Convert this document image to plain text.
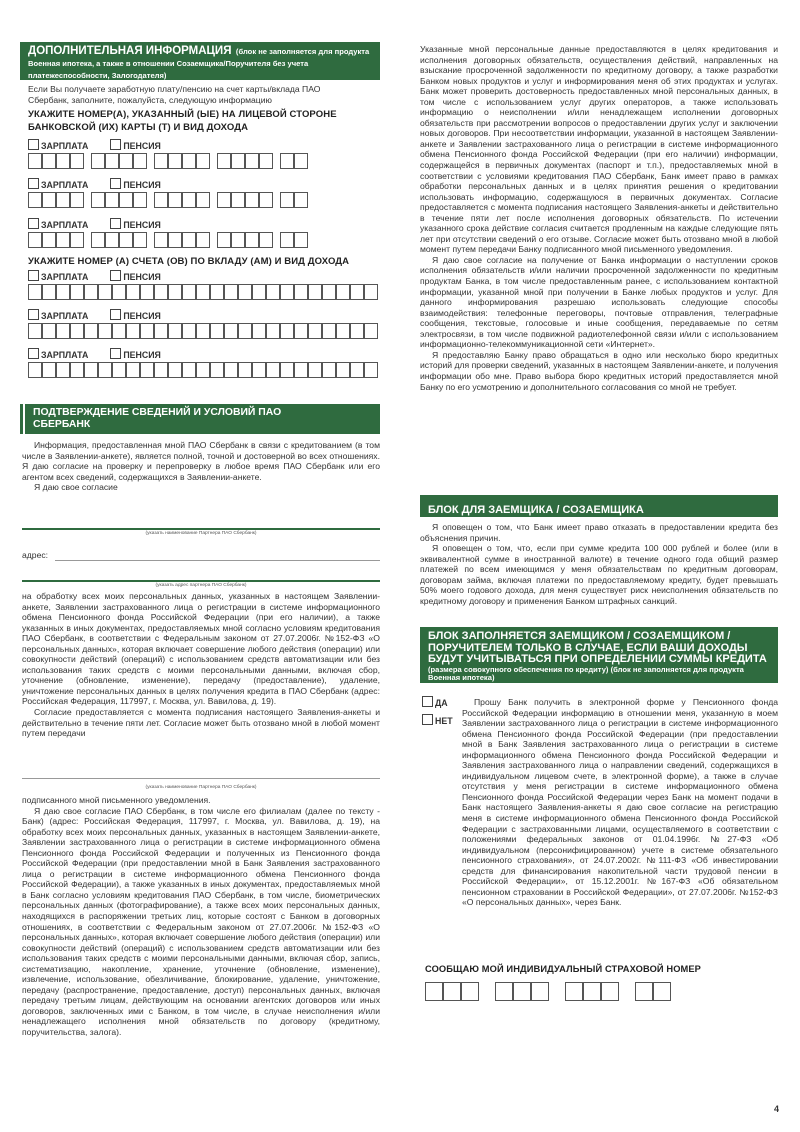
ДОПОЛНИТЕЛЬНАЯ ИНФОРМАЦИЯ (блок не заполняется для продукта Военная ипотека, а также в отношении Созаемщика/Поручителя без учета платежеспособности, Залогодателя)
Если Вы получаете заработную плату/пенсию на счет карты/вклада ПАО Сбербанк, заполните, пожалуйста, следующую информацию
УКАЖИТЕ НОМЕР(А), УКАЗАННЫЙ (ЫЕ) НА ЛИЦЕВОЙ СТОРОНЕ БАНКОВСКОЙ (ИХ) КАРТЫ (Т) И ВИД ДОХОДА
ЗАРПЛАТА	ПЕНСИЯ
ЗАРПЛАТА	ПЕНСИЯ
ЗАРПЛАТА	ПЕНСИЯ
УКАЖИТЕ НОМЕР (А) СЧЕТА (ОВ) ПО ВКЛАДУ (АМ) И ВИД ДОХОДА
ЗАРПЛАТА	ПЕНСИЯ
ЗАРПЛАТА	ПЕНСИЯ
ЗАРПЛАТА	ПЕНСИЯ
ПОДТВЕРЖДЕНИЕ СВЕДЕНИЙ И УСЛОВИЙ ПАО СБЕРБАНК

Информация, предоставленная мной ПАО Сбербанк в связи с кредитованием (в том числе в Заявлении-анкете), является полной, точной и достоверной во всех отношениях. Я даю согласие на проверку и перепроверку в любое время ПАО Сбербанк или его агентом всех сведений, содержащихся в Заявлении-анкете.

Я даю свое согласие

(указать наименование Партнера ПАО Сбербанк)
адрес:
(указать адрес партнера ПАО Сбербанк)

на обработку всех моих персональных данных, указанных в настоящем Заявлении-анкете, Заявлении застрахованного лица о регистрации в системе информационного обмена Пенсионного фонда Российской Федерации (при его наличии), а также указанных в иных документах, предоставляемых мной согласно условиям кредитования ПАО Сбербанк, в соответствии с Федеральным законом от 27.07.2006г. №152-ФЗ «О персональных данных», которая включает совершение любого действия (операции) или совокупности действий (операций) с использованием средств автоматизации или без использования таких средств с моими персональными данными, включая сбор, уточнение (обновление, изменение), передачу (предоставление), удаление, уничтожение персональных данных в целях получения кредита в ПАО Сбербанк (адрес: Российская Федерация, 117997, г. Москва, ул. Вавилова, д. 19).

Согласие предоставляется с момента подписания настоящего Заявления-анкеты и действительно в течение пяти лет. Согласие может быть отозвано мной в любой момент путем передачи

(указать наименование Партнера ПАО Сбербанк)

подписанного мной письменного уведомления.

Я даю свое согласие ПАО Сбербанк, в том числе его филиалам (далее по тексту - Банк) (адрес: Российская Федерация, 117997, г. Москва, ул. Вавилова, д. 19), на обработку всех моих персональных данных, указанных в настоящем Заявлении-анкете, Заявлении застрахованного лица о регистрации в системе информационного обмена Пенсионного фонда Российской Федерации и полученных из Пенсионного фонда Российской Федерации (при предоставлении мной в Банк Заявления застрахованного лица о регистрации в системе информационного обмена Пенсионного фонда Российской Федерации), а также указанных в иных документах, предоставляемых мной в Банк согласно условиям кредитования ПАО Сбербанк, в том числе, биометрических персональных данных (фотографирование), а также всех моих персональных данных, находящихся в распоряжении третьих лиц, которые состоят с Банком в договорных отношениях, в соответствии с Федеральным законом от 27.07.2006г. №152-ФЗ «О персональных данных», которая включает совершение любого действия (операции) или совокупности действий (операций) с использованием средств автоматизации или без использования таких средств с моими персональными данными, включая сбор, запись, систематизацию, накопление, хранение, уточнение (обновление, изменение), извлечение, использование, обезличивание, блокирование, удаление, уничтожение, передачу (распространение, предоставление, доступ) персональных данных, включая передачу третьим лицам, действующим на основании агентских договоров или иных договоров, заключенных ими с Банком, в том числе, в случае неисполнения и/или ненадлежащего исполнения мной обязательств по договору (кредитному, поручительства, залога).

Указанные мной персональные данные предоставляются в целях кредитования и исполнения договорных обязательств, осуществления действий, направленных на взыскание просроченной задолженности по кредитному договору, а также разработки Банком новых продуктов и услуг и информирования меня об этих продуктах и услугах. Банк может проверить достоверность предоставленных мной персональных данных, в том числе с использованием услуг других операторов, а также использовать информацию о неисполнении и/или ненадлежащем исполнении договорных обязательств при рассмотрении вопросов о предоставлении других услуг и заключении новых договоров. При несоответствии информации, указанной в настоящем Заявлении-анкете и Заявлении застрахованного лица о регистрации в системе информационного обмена Пенсионного фонда Российской Федерации (при его наличии) информации, содержащейся в первичных документах (паспорт и т.п.), предоставляемых мной в соответствии с условиями кредитования ПАО Сбербанк, Банк имеет право в рамках обработки персональных данных и в целях принятия решения о кредитовании использовать информацию, содержащуюся в первичных документах. Согласие предоставляется с момента подписания настоящего Заявления-анкеты и действительно в течение пяти лет после исполнения договорных обязательств. По истечении указанного срока действие согласия считается продленным на каждые следующие пять лет при отсутствии сведений о его отзыве. Согласие может быть отозвано мной в любой момент путем передачи Банку подписанного мной письменного уведомления.

Я даю свое согласие на получение от Банка информации о наступлении сроков исполнения обязательств и/или наличии просроченной задолженности по кредитным продуктам Банка, в том числе предоставленным ранее, с использованием контактной информации, указанной мной при получении в Банке любых продуктов и услуг. Для данного информирования разрешаю использовать следующие способы взаимодействия: телефонные переговоры, почтовые отправления, телеграфные сообщения, текстовые, голосовые и иные сообщения, передаваемые по сетям электросвязи, в том числе подвижной радиотелефонной связи и/или с использованием информационно-телекоммуникационной сети «Интернет».

Я предоставляю Банку право обращаться в одно или несколько бюро кредитных историй для проверки сведений, указанных в настоящем Заявлении-анкете, и получения информации обо мне. Право выбора бюро кредитных историй предоставляется мной Банку по его усмотрению и дополнительного согласования со мной не требует.

БЛОК ДЛЯ ЗАЕМЩИКА / СОЗАЕМЩИКА

Я оповещен о том, что Банк имеет право отказать в предоставлении кредита без объяснения причин.

Я оповещен о том, что, если при сумме кредита 100 000 рублей и более (или в эквивалентной сумме в иностранной валюте) в течение одного года общий размер платежей по всем имеющимся у меня обязательствам по кредитным договорам, договорам займа, включая платежи по предоставляемому кредиту, будет превышать 50% моего годового дохода, для меня существует риск неисполнения обязательств по кредитному договору и применения Банком штрафных санкций.

БЛОК ЗАПОЛНЯЕТСЯ ЗАЕМЩИКОМ / СОЗАЕМЩИКОМ / ПОРУЧИТЕЛЕМ ТОЛЬКО В СЛУЧАЕ, ЕСЛИ ВАШИ ДОХОДЫ БУДУТ УЧИТЫВАТЬСЯ ПРИ ОПРЕДЕЛЕНИИ СУММЫ КРЕДИТА
(размера совокупного обеспечения по кредиту) (блок не заполняется для продукта Военная ипотека)
ДА
НЕТ

Прошу Банк получить в электронной форме у Пенсионного фонда Российской Федерации информацию в отношении меня, указанную в моем Заявлении застрахованного лица о регистрации в системе информационного обмена Пенсионного фонда Российской Федерации (при предоставлении мной в Банк Заявления застрахованного лица о регистрации в системе информационного обмена Пенсионного фонда Российской Федерации и Заявления застрахованного лица о направлении сведений, содержащихся в индивидуальном лицевом счете, в электронной форме), а также в случае отсутствия у меня регистрации в системе информационного обмена Пенсионного фонда Российской Федерации через Банк на момент подачи в Банк настоящего Заявления-анкеты я даю свое согласие на регистрацию меня в системе информационного обмена Пенсионного фонда Российской Федерации с застрахованными лицами, осуществляемого в соответствии с положениями федеральных законов от 01.04.1996г. №27-ФЗ «Об индивидуальном (персонифицированном) учете в системе обязательного пенсионного страхования», от 24.07.2002г. №111-ФЗ «Об инвестировании средств для финансирования накопительной части трудовой пенсии в Российской Федерации», от 15.12.2001г. №167-ФЗ «Об обязательном пенсионном страховании в Российской Федерации», от 27.07.2006г. №152-ФЗ «О персональных данных», через Банк.

СООБЩАЮ МОЙ ИНДИВИДУАЛЬНЫЙ СТРАХОВОЙ НОМЕР
4
